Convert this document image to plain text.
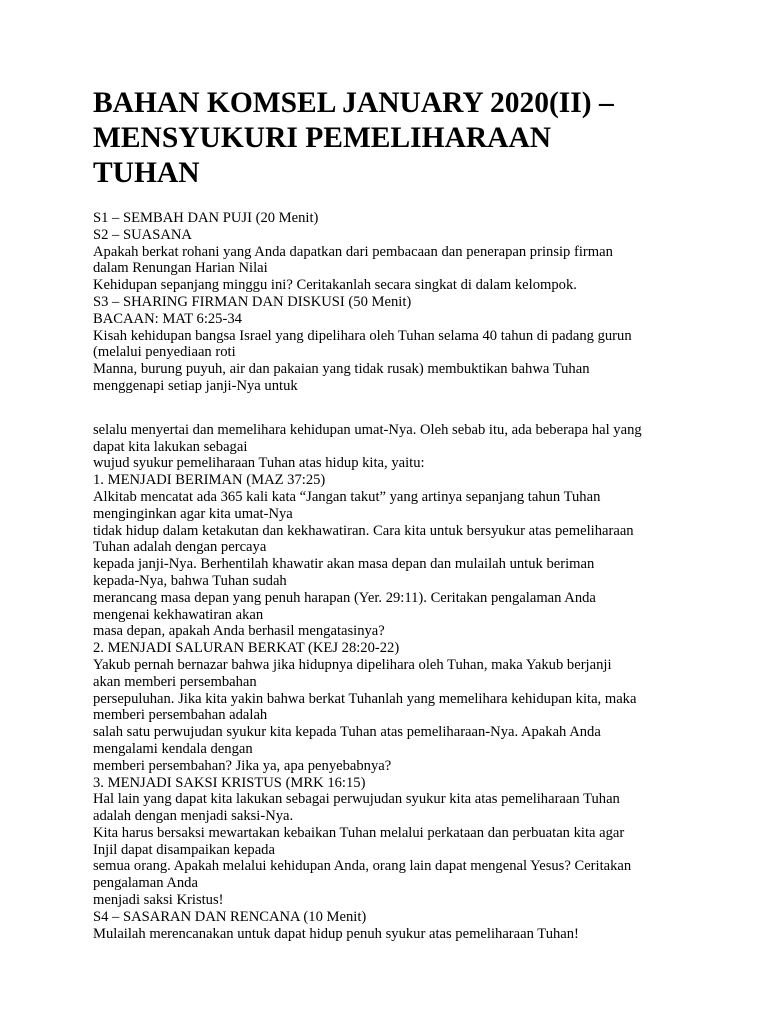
BAHAN KOMSEL JANUARY 2020(II) –
MENSYUKURI PEMELIHARAAN
TUHAN
S1 – SEMBAH DAN PUJI (20 Menit)
S2 – SUASANA
Apakah berkat rohani yang Anda dapatkan dari pembacaan dan penerapan prinsip firman
dalam Renungan Harian Nilai
Kehidupan sepanjang minggu ini? Ceritakanlah secara singkat di dalam kelompok.
S3 – SHARING FIRMAN DAN DISKUSI (50 Menit)
BACAAN: MAT 6:25-34
Kisah kehidupan bangsa Israel yang dipelihara oleh Tuhan selama 40 tahun di padang gurun
(melalui penyediaan roti
Manna, burung puyuh, air dan pakaian yang tidak rusak) membuktikan bahwa Tuhan
menggenapi setiap janji-Nya untuk
selalu menyertai dan memelihara kehidupan umat-Nya. Oleh sebab itu, ada beberapa hal yang
dapat kita lakukan sebagai
wujud syukur pemeliharaan Tuhan atas hidup kita, yaitu:
1. MENJADI BERIMAN (MAZ 37:25)
Alkitab mencatat ada 365 kali kata “Jangan takut” yang artinya sepanjang tahun Tuhan
menginginkan agar kita umat-Nya
tidak hidup dalam ketakutan dan kekhawatiran. Cara kita untuk bersyukur atas pemeliharaan
Tuhan adalah dengan percaya
kepada janji-Nya. Berhentilah khawatir akan masa depan dan mulailah untuk beriman
kepada-Nya, bahwa Tuhan sudah
merancang masa depan yang penuh harapan (Yer. 29:11). Ceritakan pengalaman Anda
mengenai kekhawatiran akan
masa depan, apakah Anda berhasil mengatasinya?
2. MENJADI SALURAN BERKAT (KEJ 28:20-22)
Yakub pernah bernazar bahwa jika hidupnya dipelihara oleh Tuhan, maka Yakub berjanji
akan memberi persembahan
persepuluhan. Jika kita yakin bahwa berkat Tuhanlah yang memelihara kehidupan kita, maka
memberi persembahan adalah
salah satu perwujudan syukur kita kepada Tuhan atas pemeliharaan-Nya. Apakah Anda
mengalami kendala dengan
memberi persembahan? Jika ya, apa penyebabnya?
3. MENJADI SAKSI KRISTUS (MRK 16:15)
Hal lain yang dapat kita lakukan sebagai perwujudan syukur kita atas pemeliharaan Tuhan
adalah dengan menjadi saksi-Nya.
Kita harus bersaksi mewartakan kebaikan Tuhan melalui perkataan dan perbuatan kita agar
Injil dapat disampaikan kepada
semua orang. Apakah melalui kehidupan Anda, orang lain dapat mengenal Yesus? Ceritakan
pengalaman Anda
menjadi saksi Kristus!
S4 – SASARAN DAN RENCANA (10 Menit)
Mulailah merencanakan untuk dapat hidup penuh syukur atas pemeliharaan Tuhan!
